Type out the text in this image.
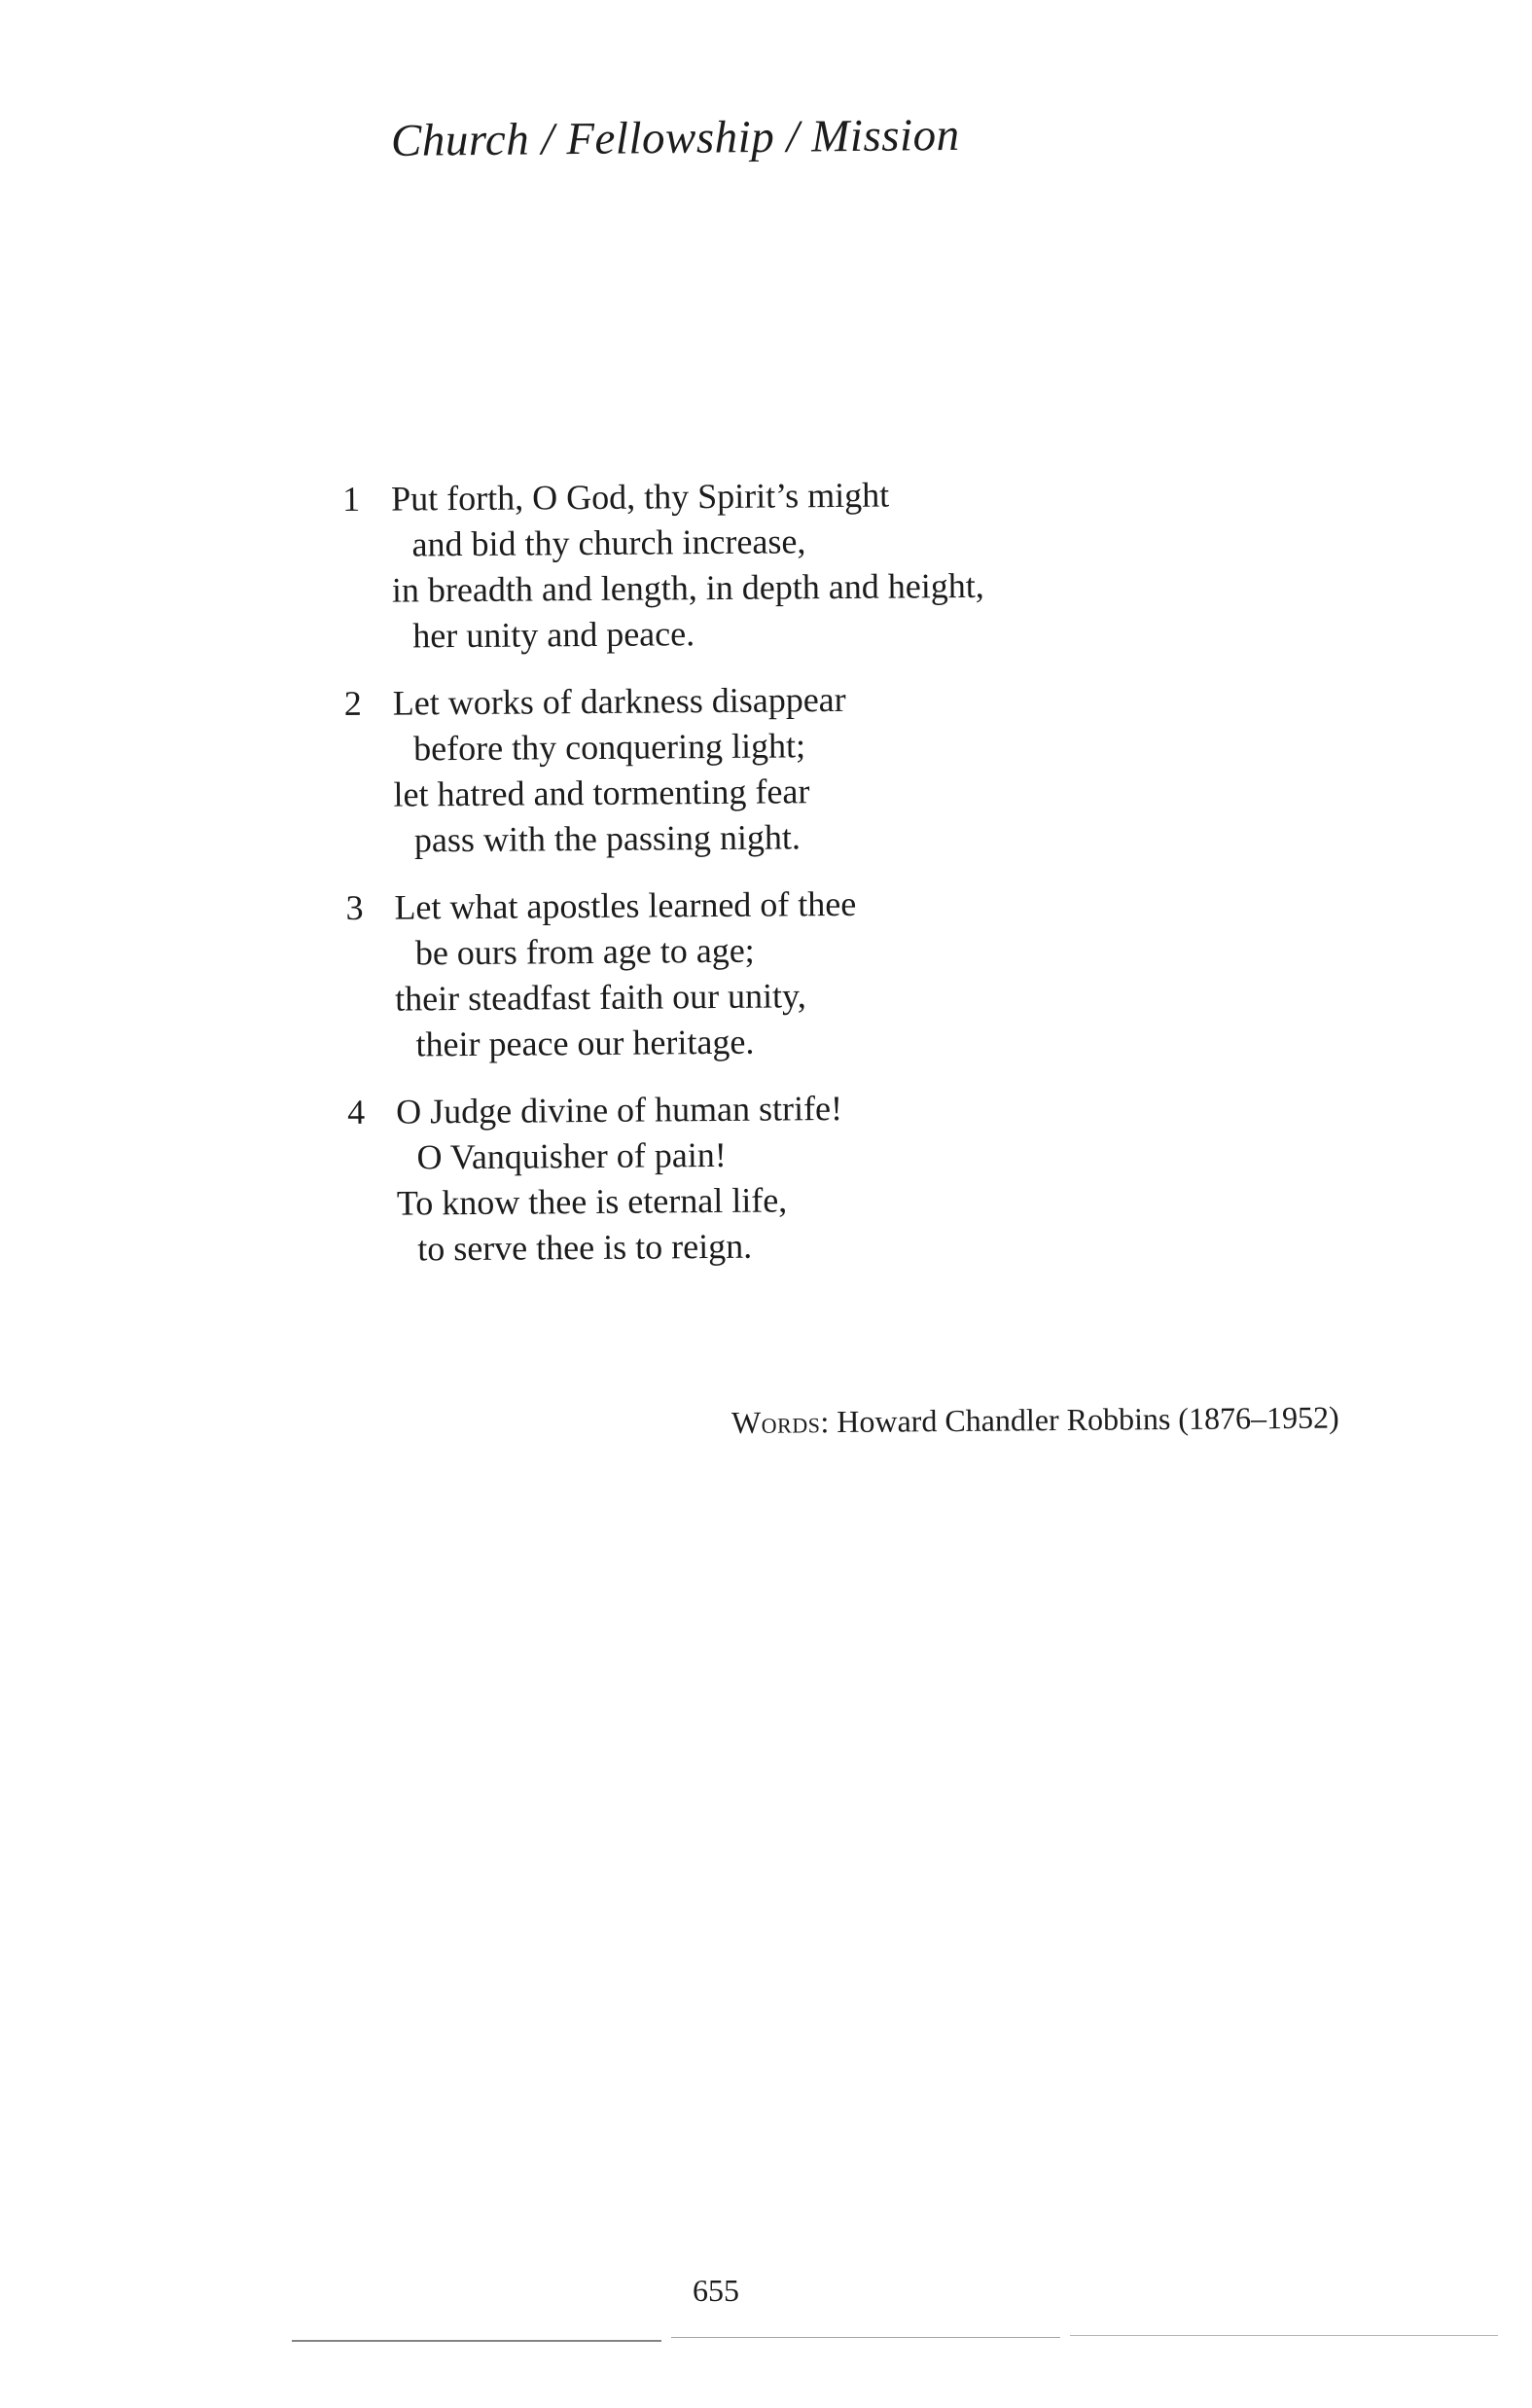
Church / Fellowship / Mission
1 Put forth, O God, thy Spirit’s might
and bid thy church increase,
in breadth and length, in depth and height,
her unity and peace.
2 Let works of darkness disappear
before thy conquering light;
let hatred and tormenting fear
pass with the passing night.
3 Let what apostles learned of thee
be ours from age to age;
their steadfast faith our unity,
their peace our heritage.
4 O Judge divine of human strife!
O Vanquisher of pain!
To know thee is eternal life,
to serve thee is to reign.
Words: Howard Chandler Robbins (1876–1952)
655
